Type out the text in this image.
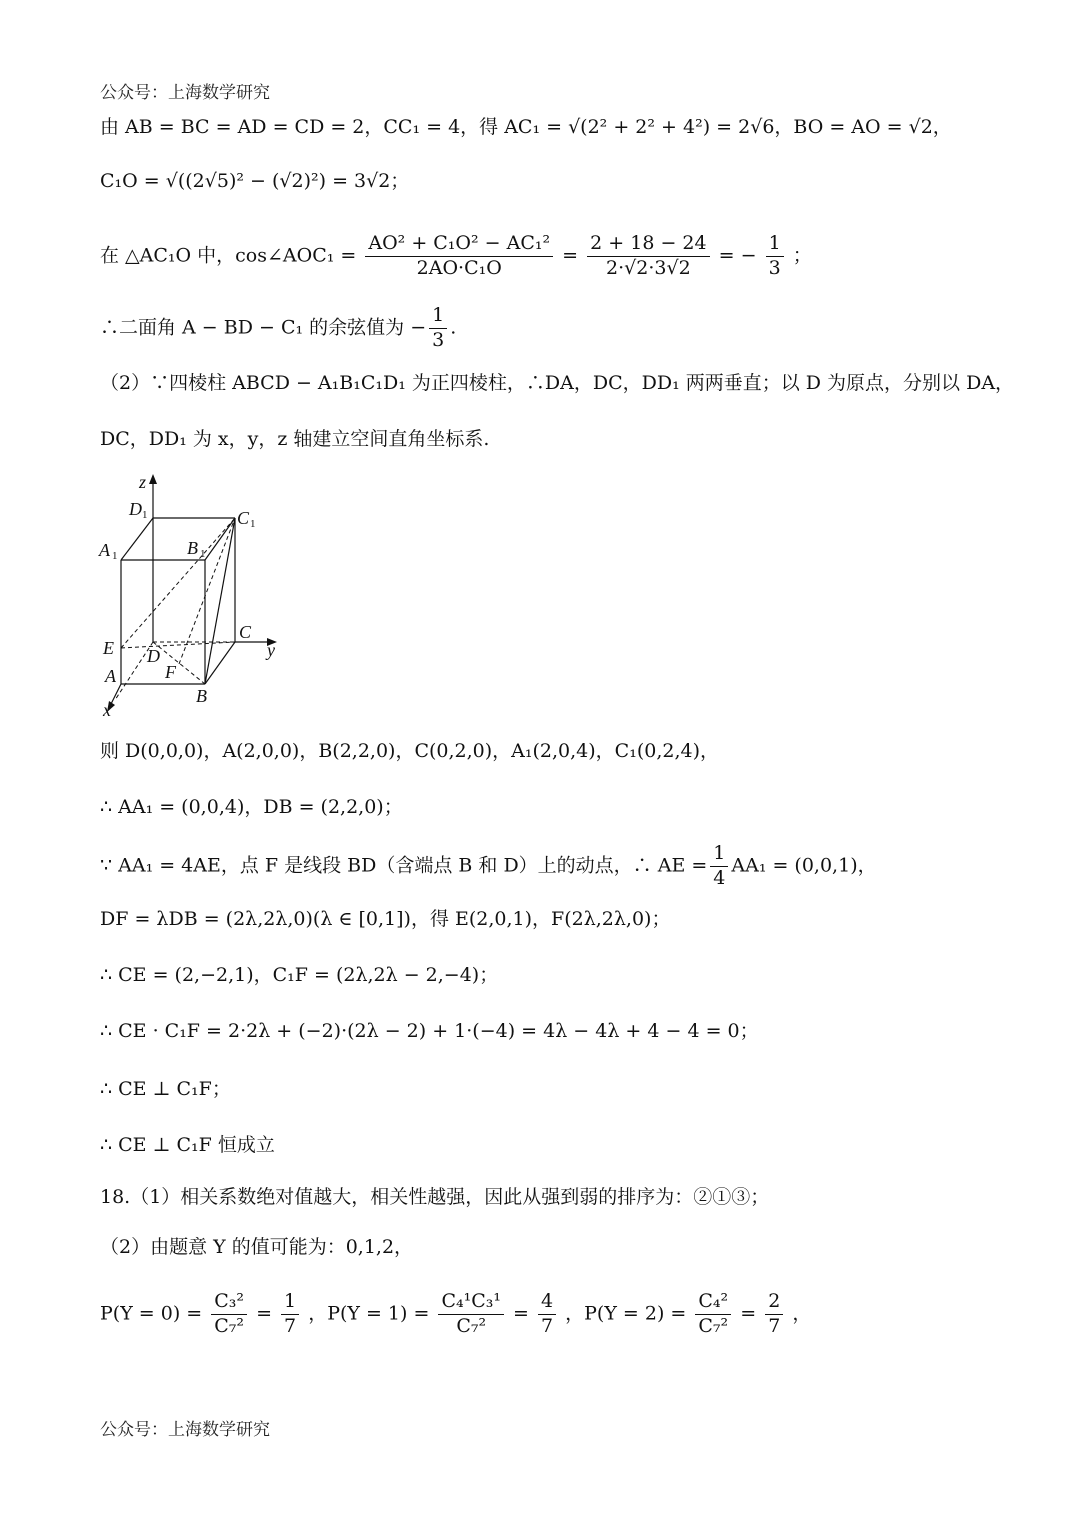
公众号：上海数学研究
由 AB = BC = AD = CD = 2，CC₁ = 4，得 AC₁ = √(2² + 2² + 4²) = 2√6，BO = AO = √2，
C₁O = √((2√5)² − (√2)²) = 3√2；
在 △AC₁O 中，cos∠AOC₁ = $\frac{\text{AO² + C₁O² − AC₁²}}{\text{2AO·C₁O}} = \frac{2 + 18 - 24}{2\cdot√2\cdot 3√2}$ = − $\frac{1}{3}$ ；
∴二面角 A − BD − C₁ 的余弦值为 − $\frac{1}{3}$ .
（2）∵四棱柱 ABCD − A₁B₁C₁D₁ 为正四棱柱，∴DA，DC，DD₁ 两两垂直；以 D 为原点，分别以 DA，
DC，DD₁ 为 x，y，z 轴建立空间直角坐标系.
z
D 1	C 1
A 1	B 1
C
y
E D
F
A
B
x
则 D(0,0,0)，A(2,0,0)，B(2,2,0)，C(0,2,0)，A₁(2,0,4)，C₁(0,2,4)，
∴ AA₁ = (0,0,4)，DB = (2,2,0)；
∵ AA₁ = 4AE，点 F 是线段 BD（含端点 B 和 D）上的动点，∴ AE = $\frac{1}{4} AA_1 = (0,0,1)$，
DF = λDB = (2λ,2λ,0)(λ ∈ [0,1])，得 E(2,0,1)，F(2λ,2λ,0)；
∴ CE = (2,−2,1)，C₁F = (2λ,2λ − 2,−4)；
∴ CE · C₁F = 2·2λ + (−2)·(2λ − 2) + 1·(−4) = 4λ − 4λ + 4 − 4 = 0；
∴ CE ⊥ C₁F；
∴ CE ⊥ C₁F 恒成立
18.（1）相关系数绝对值越大，相关性越强，因此从强到弱的排序为：②①③；
（2）由题意 Y 的值可能为：0,1,2，
$P(Y = 0) = \frac{\text{C₃²}}{\text{C₇²}} = \frac{1}{7}$ ，$P(Y = 1) = \frac{\text{C₄¹C₃¹}}{\text{C₇²}} = \frac{4}{7}$ ，$P(Y = 2) = \frac{\text{C₄²}}{\text{C₇²}} = \frac{2}{7}$ ，
公众号：上海数学研究
